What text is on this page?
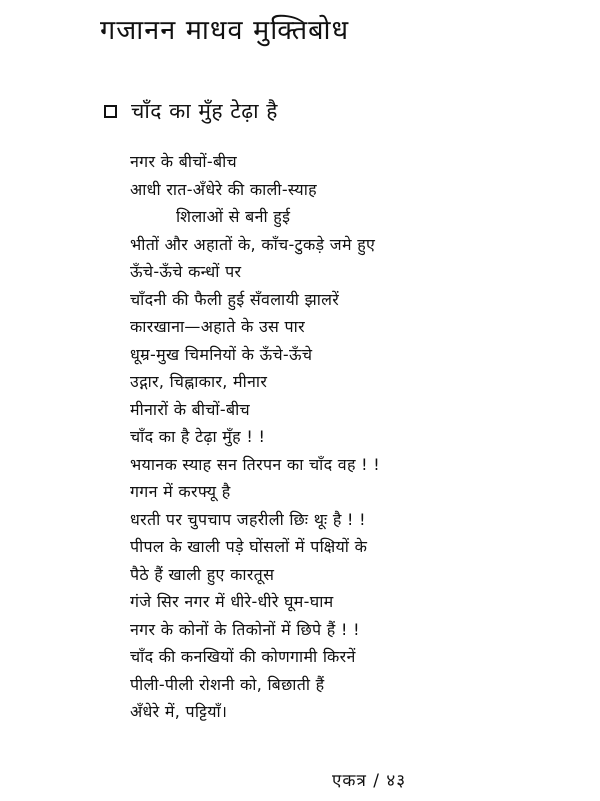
गजानन माधव मुक्तिबोध
चाँद का मुँह टेढ़ा है
नगर के बीचों-बीच
आधी रात-अँधेरे की काली-स्याह
शिलाओं से बनी हुई
भीतों और अहातों के, काँच-टुकड़े जमे हुए
ऊँचे-ऊँचे कन्धों पर
चाँदनी की फैली हुई सँवलायी झालरें
कारखाना—अहाते के उस पार
धूम्र-मुख चिमनियों के ऊँचे-ऊँचे
उद्गार, चिह्नाकार, मीनार
मीनारों के बीचों-बीच
चाँद का है टेढ़ा मुँह ! !
भयानक स्याह सन तिरपन का चाँद वह ! !
गगन में करफ्यू है
धरती पर चुपचाप जहरीली छिः थूः है ! !
पीपल के खाली पड़े घोंसलों में पक्षियों के
पैठे हैं खाली हुए कारतूस
गंजे सिर नगर में धीरे-धीरे घूम-घाम
नगर के कोनों के तिकोनों में छिपे हैं ! !
चाँद की कनखियों की कोणगामी किरनें
पीली-पीली रोशनी को, बिछाती हैं
अँधेरे में, पट्टियाँ।
एकत्र / ४३
